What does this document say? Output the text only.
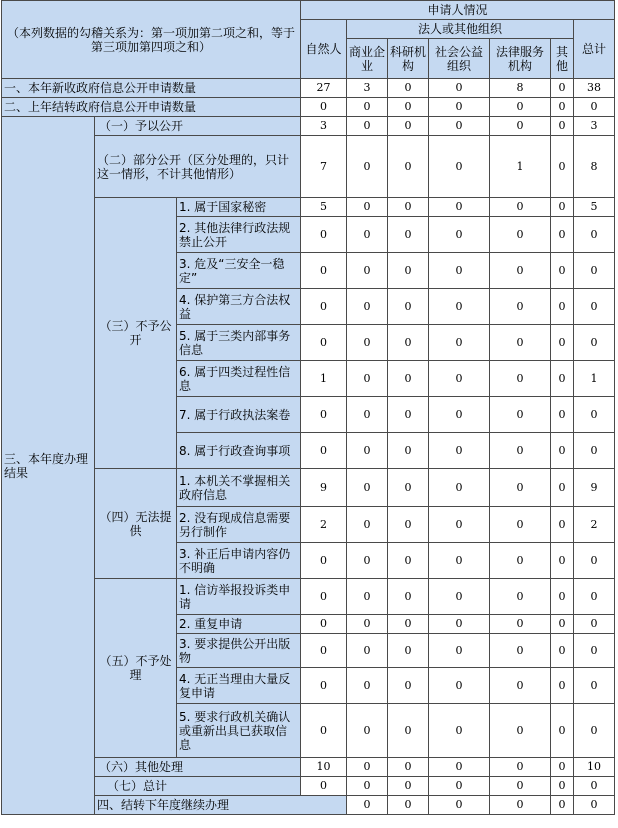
（本列数据的勾稽关系为：第一项加第二项之和，等于第三项加第四项之和）			申请人情况							
			自然人	法人或其他组织					总计	
				商业企业	科研机构	社会公益组织	法律服务机构	其他		
一、本年新收政府信息公开申请数量			27	3	0	0	8	0	38	
二、上年结转政府信息公开申请数量			0	0	0	0	0	0	0	
三、本年度办理结果	（一）予以公开		3	0	0	0	0	0	3	
	（二）部分公开（区分处理的，只计这一情形，不计其他情形）		7	0	0	0	1	0	8	
	（三）不予公开	1. 属于国家秘密	5	0	0	0	0	0	5	
		2. 其他法律行政法规禁止公开	0	0	0	0	0	0	0	
		3. 危及“三安全一稳定”	0	0	0	0	0	0	0	
		4. 保护第三方合法权益	0	0	0	0	0	0	0	
		5. 属于三类内部事务信息	0	0	0	0	0	0	0	
		6. 属于四类过程性信息	1	0	0	0	0	0	1	
		7. 属于行政执法案卷	0	0	0	0	0	0	0	
		8. 属于行政查询事项	0	0	0	0	0	0	0	
	（四）无法提供	1. 本机关不掌握相关政府信息	9	0	0	0	0	0	9	
		2. 没有现成信息需要另行制作	2	0	0	0	0	0	2	
		3. 补正后申请内容仍不明确	0	0	0	0	0	0	0	
	（五）不予处理	1. 信访举报投诉类申请	0	0	0	0	0	0	0	
		2. 重复申请	0	0	0	0	0	0	0	
		3. 要求提供公开出版物	0	0	0	0	0	0	0	
		4. 无正当理由大量反复申请	0	0	0	0	0	0	0	
		5. 要求行政机关确认或重新出具已获取信息	0	0	0	0	0	0	0	
	（六）其他处理		10	0	0	0	0	0	10	
	（七）总计		0	0	0	0	0	0	0	
	四、结转下年度继续办理			0	0	0	0	0	0	
